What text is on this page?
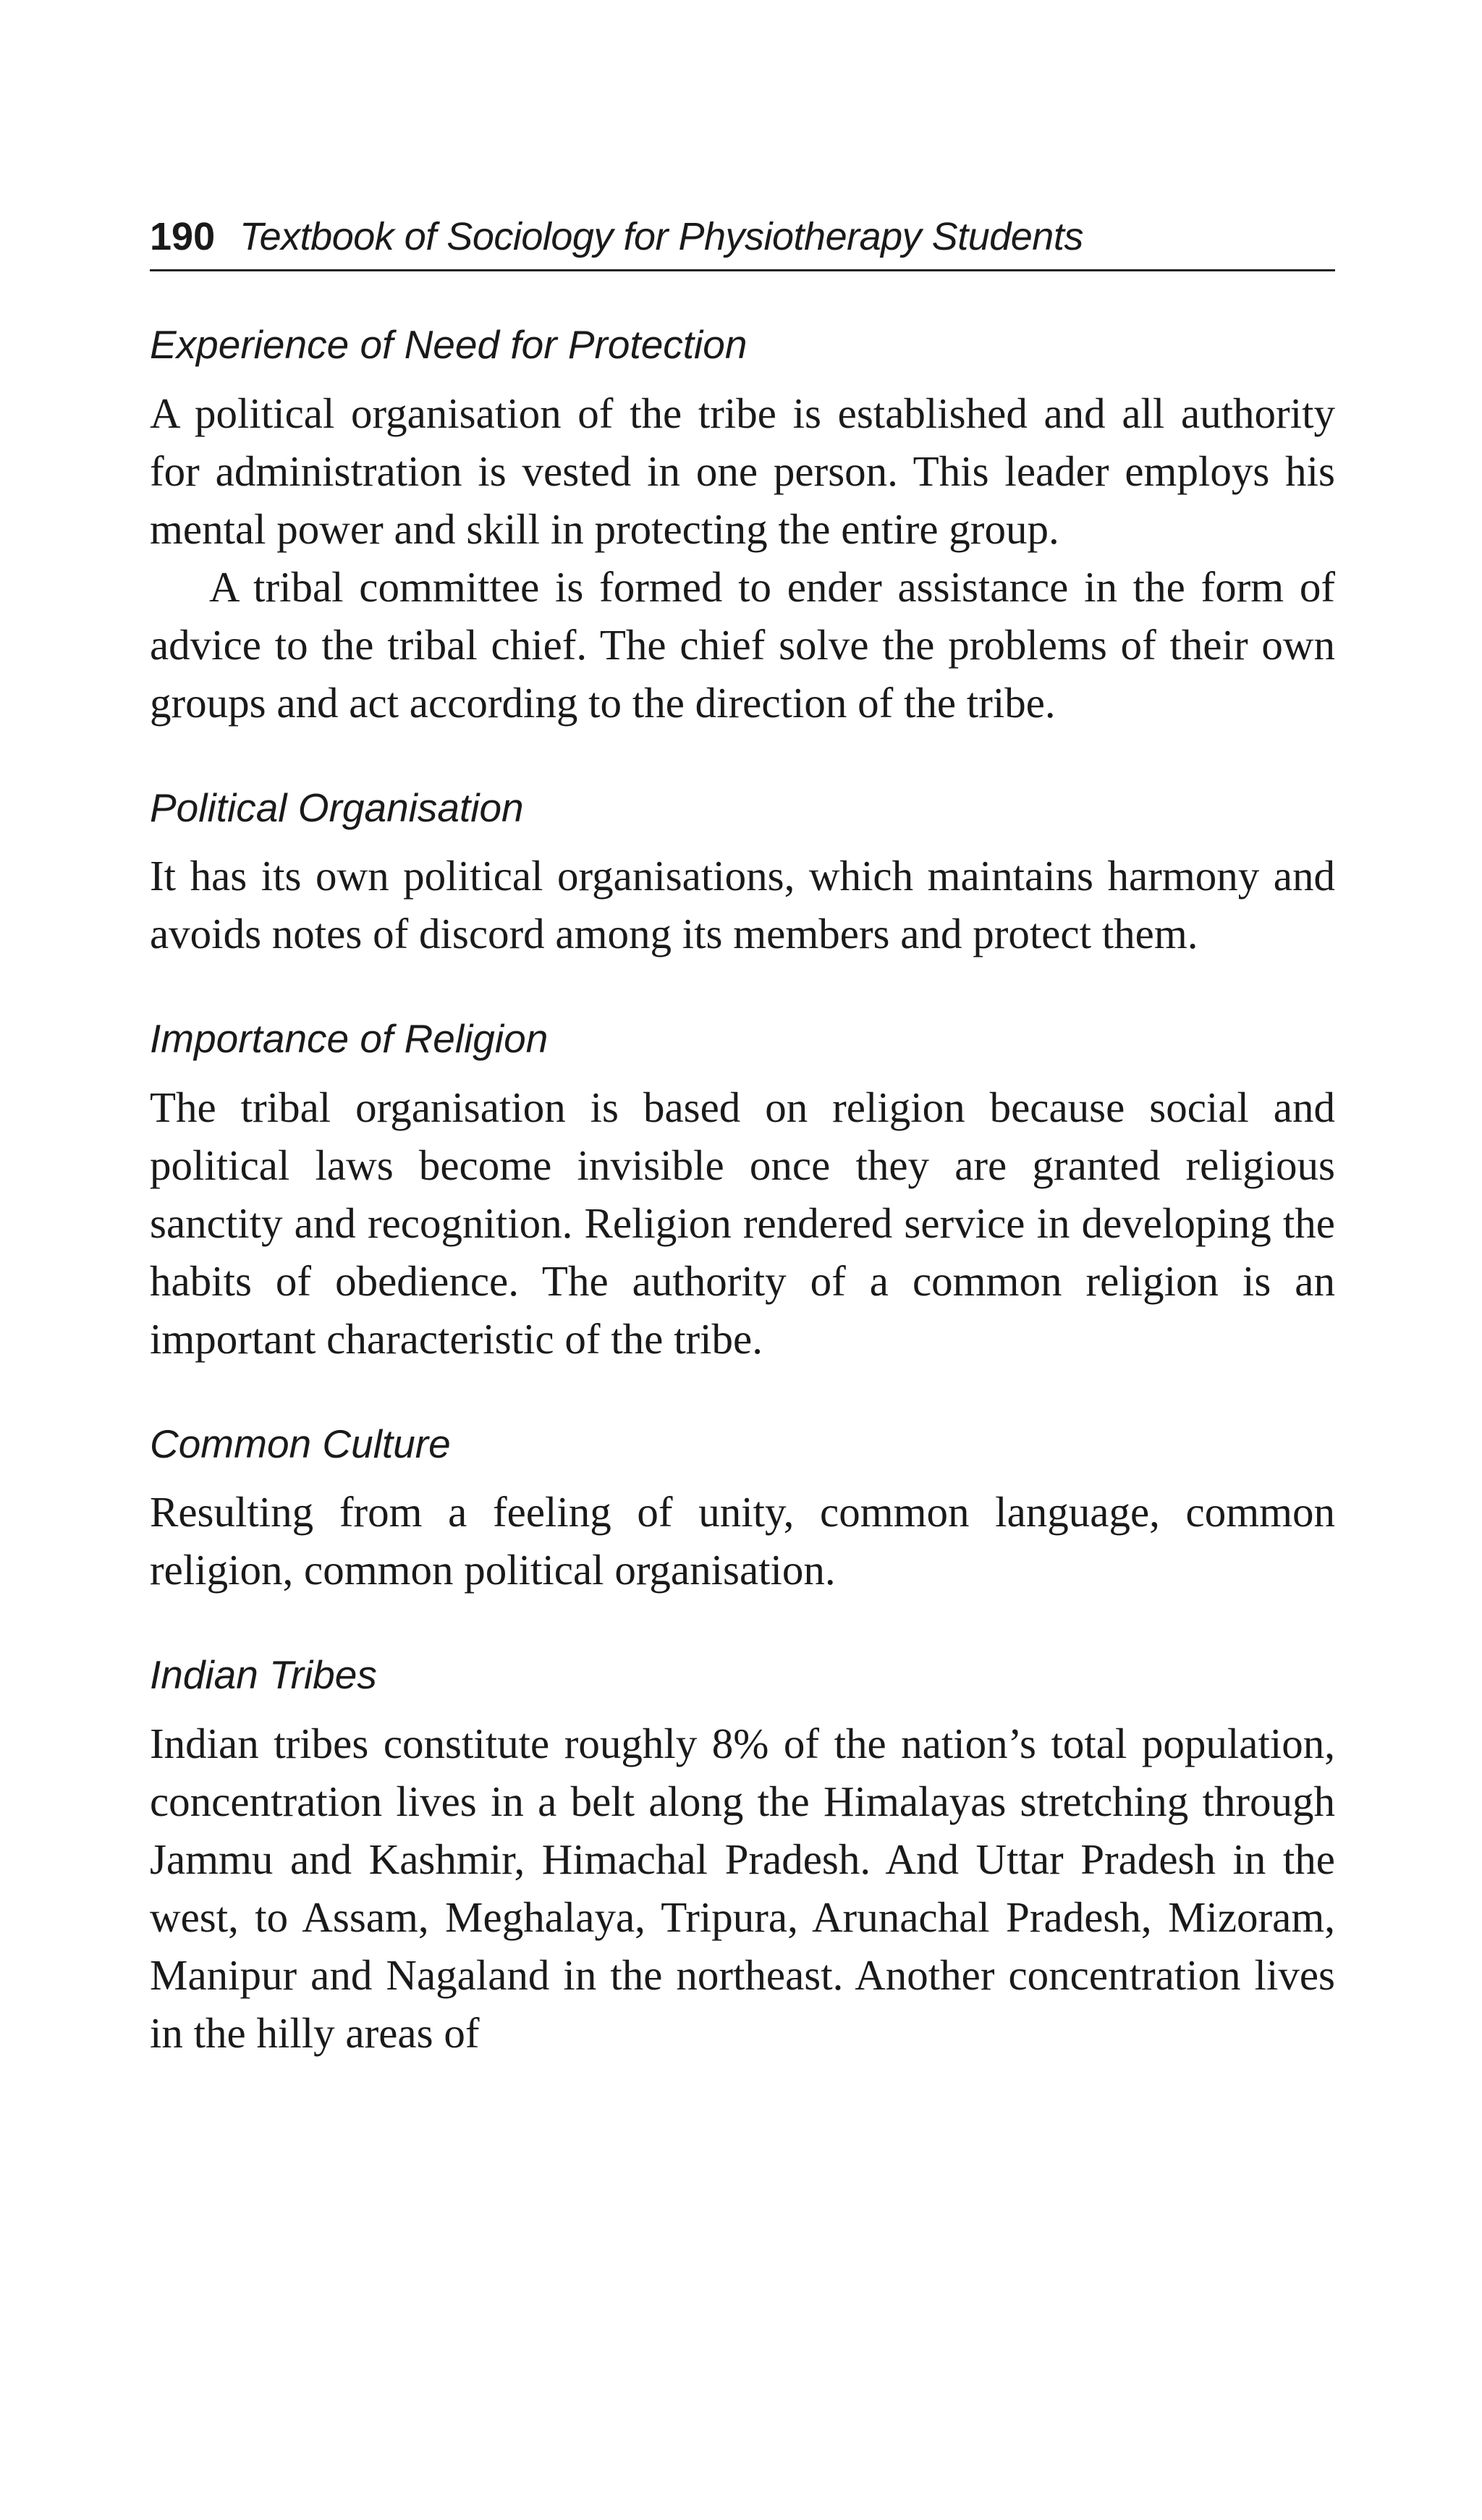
190 Textbook of Sociology for Physiotherapy Students
Experience of Need for Protection

A political organisation of the tribe is established and all authority for administration is vested in one person. This leader employs his mental power and skill in protecting the entire group.

A tribal committee is formed to ender assistance in the form of advice to the tribal chief. The chief solve the problems of their own groups and act according to the direction of the tribe.

Political Organisation

It has its own political organisations, which maintains harmony and avoids notes of discord among its members and protect them.

Importance of Religion

The tribal organisation is based on religion because social and political laws become invisible once they are granted religious sanctity and recognition. Religion rendered service in developing the habits of obedience. The authority of a common religion is an important characteristic of the tribe.

Common Culture

Resulting from a feeling of unity, common language, common religion, common political organisation.

Indian Tribes

Indian tribes constitute roughly 8% of the nation’s total population, concentration lives in a belt along the Himalayas stretching through Jammu and Kashmir, Himachal Pradesh. And Uttar Pradesh in the west, to Assam, Meghalaya, Tripura, Arunachal Pradesh, Mizoram, Manipur and Nagaland in the northeast. Another concentration lives in the hilly areas of
